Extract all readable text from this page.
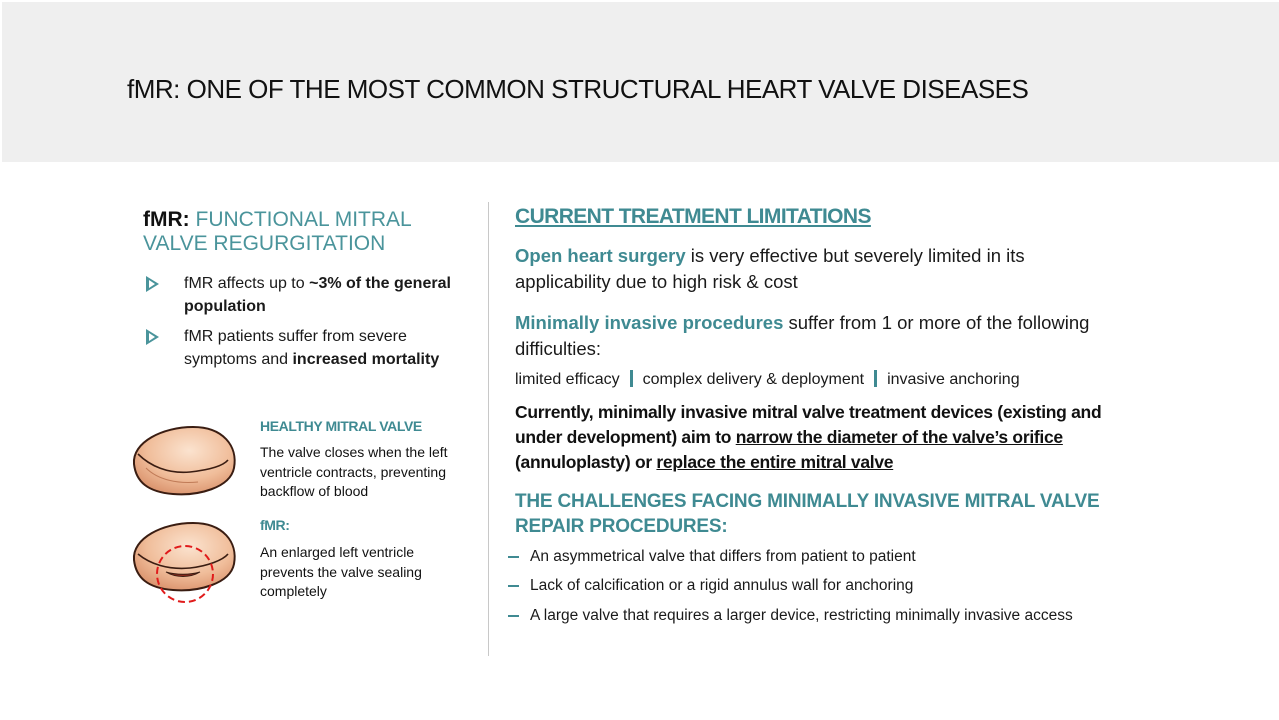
fMR: ONE OF THE MOST COMMON STRUCTURAL HEART VALVE DISEASES
fMR: FUNCTIONAL MITRAL VALVE REGURGITATION
fMR affects up to ~3% of the general population
fMR patients suffer from severe symptoms and increased mortality
HEALTHY MITRAL VALVE
The valve closes when the left ventricle contracts, preventing backflow of blood
fMR:
An enlarged left ventricle prevents the valve sealing completely
CURRENT TREATMENT LIMITATIONS
Open heart surgery is very effective but severely limited in its applicability due to high risk & cost
Minimally invasive procedures suffer from 1 or more of the following difficulties:
limited efficacy complex delivery & deployment invasive anchoring
Currently, minimally invasive mitral valve treatment devices (existing and under development) aim to narrow the diameter of the valve’s orifice (annuloplasty) or replace the entire mitral valve
THE CHALLENGES FACING MINIMALLY INVASIVE MITRAL VALVE REPAIR PROCEDURES:
An asymmetrical valve that differs from patient to patient
Lack of calcification or a rigid annulus wall for anchoring
A large valve that requires a larger device, restricting minimally invasive access
